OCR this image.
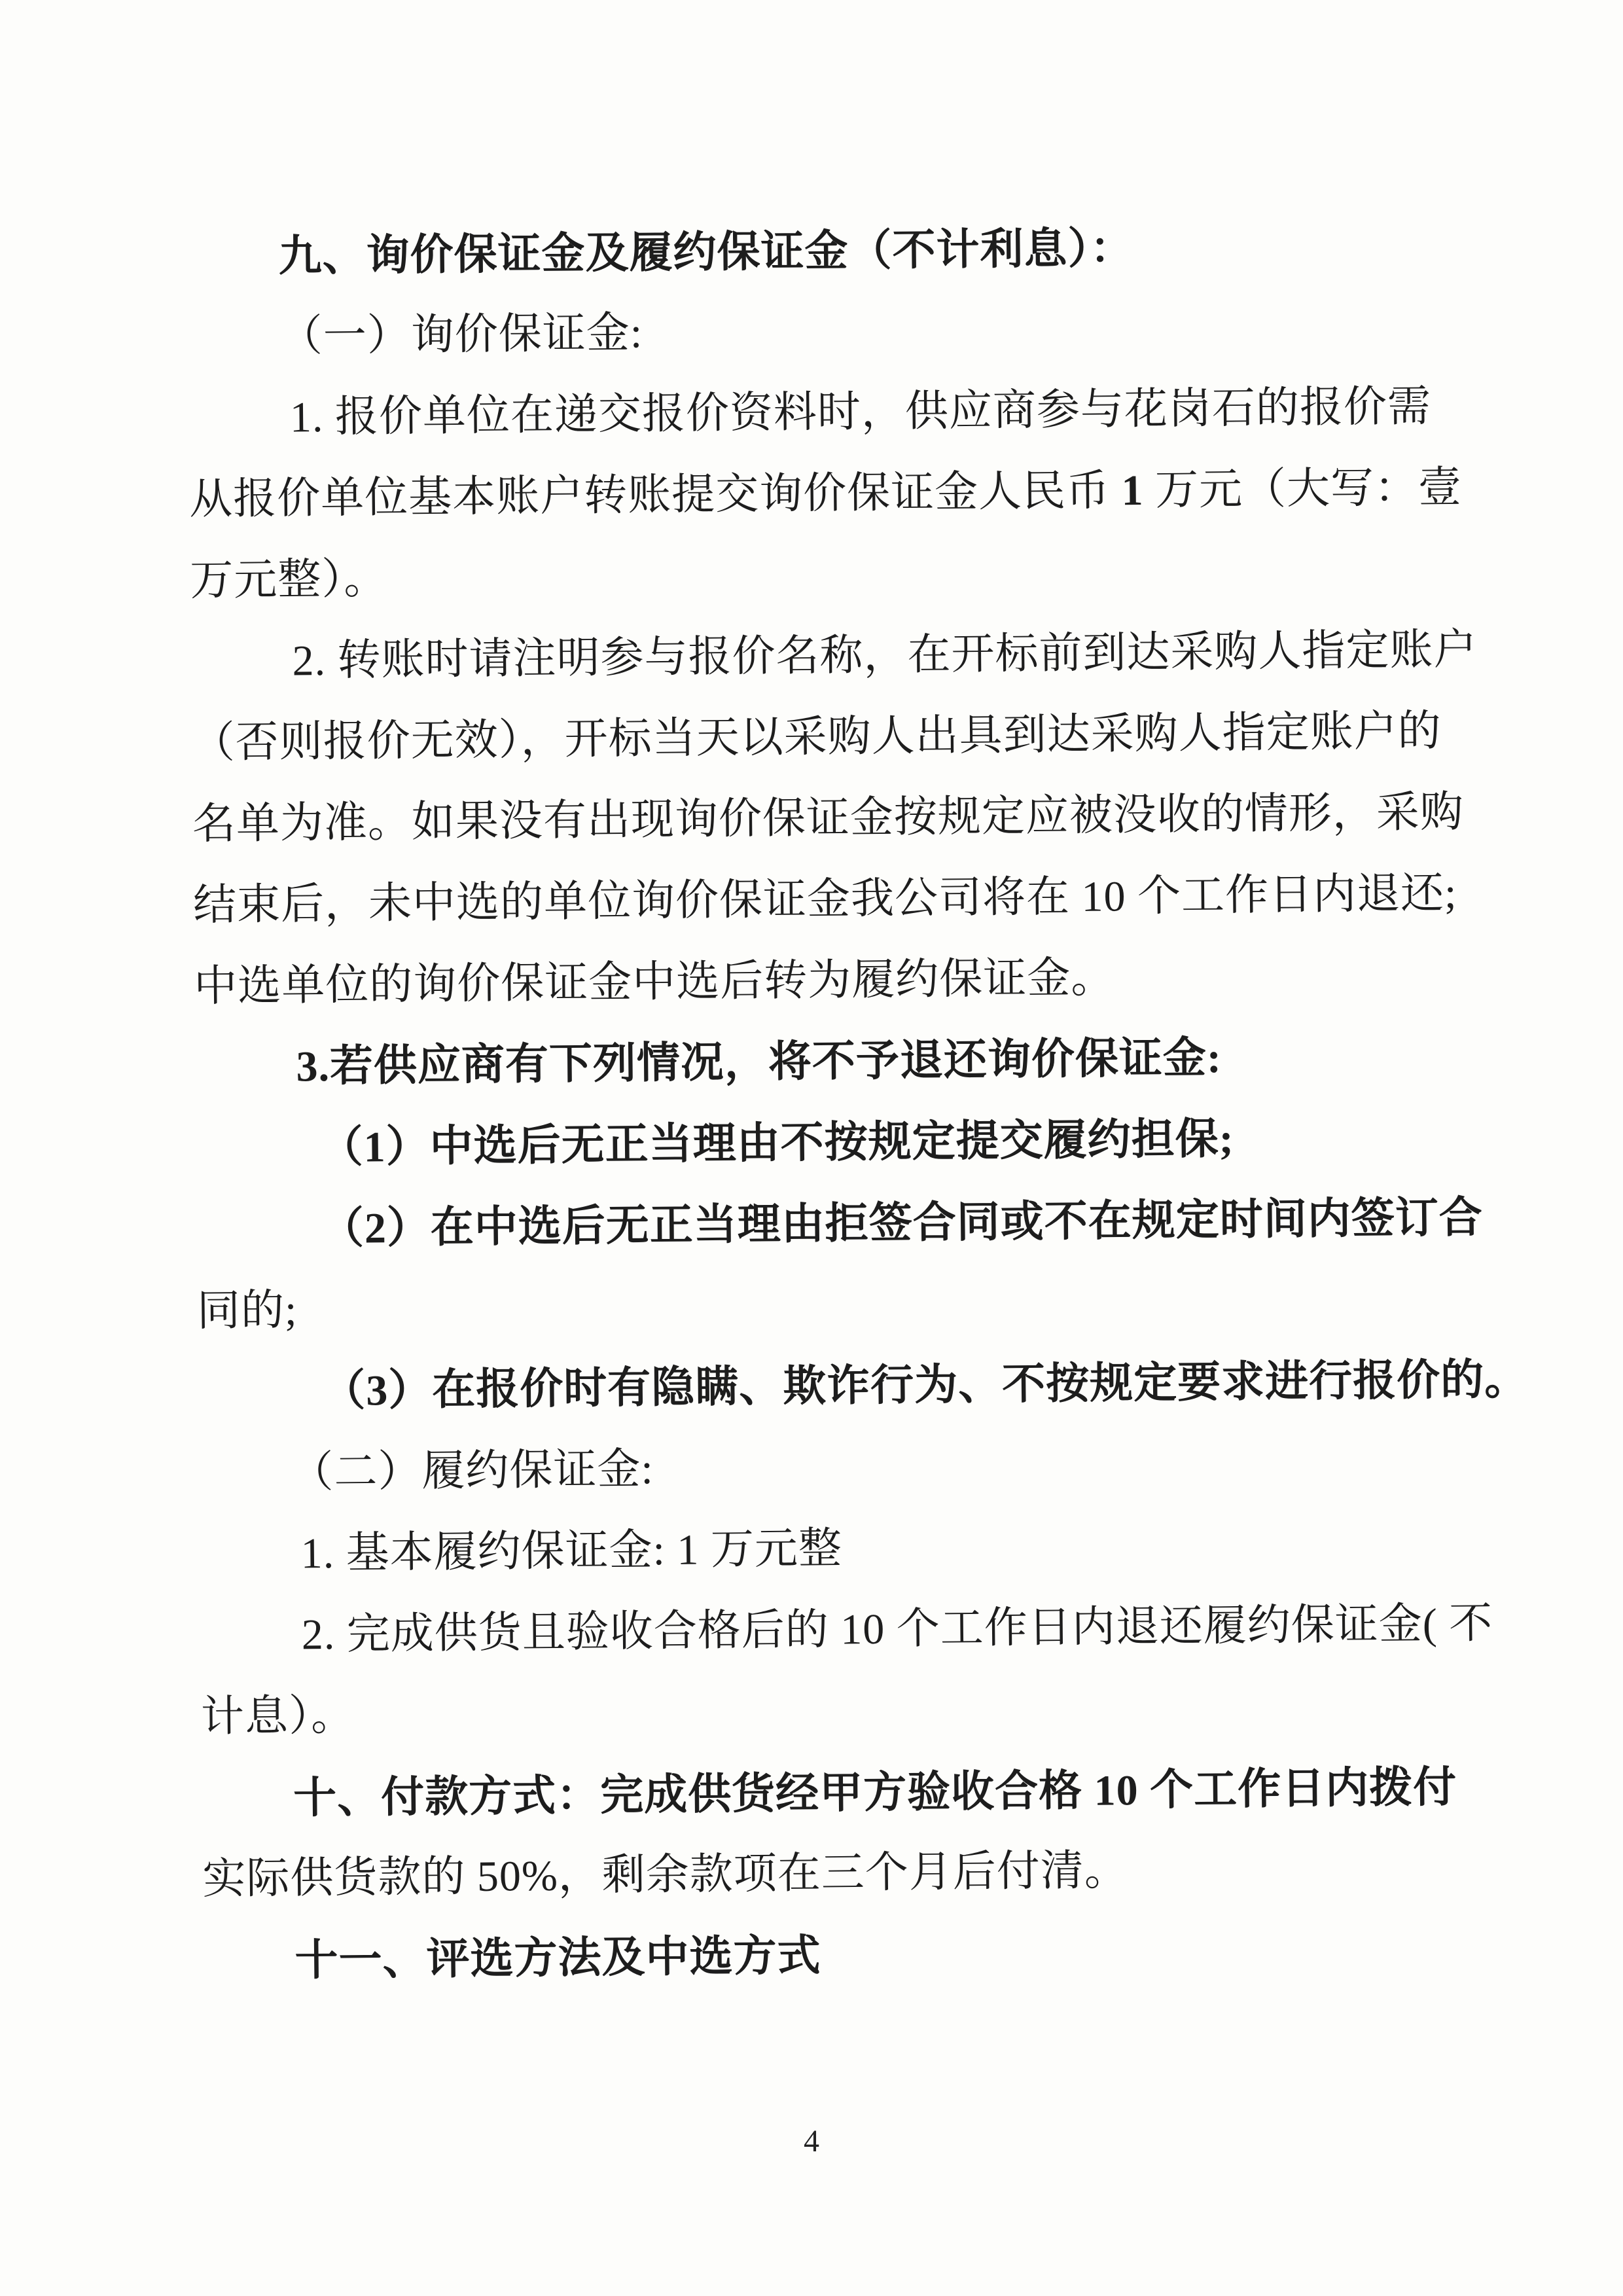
九、询价保证金及履约保证金（不计利息）：
（一）询价保证金:
1. 报价单位在递交报价资料时，供应商参与花岗石的报价需
从报价单位基本账户转账提交询价保证金人民币 1 万元（大写：壹
万元整）。
2. 转账时请注明参与报价名称，在开标前到达采购人指定账户
（否则报价无效），开标当天以采购人出具到达采购人指定账户的
名单为准。如果没有出现询价保证金按规定应被没收的情形，采购
结束后，未中选的单位询价保证金我公司将在 10 个工作日内退还;
中选单位的询价保证金中选后转为履约保证金。
3.若供应商有下列情况，将不予退还询价保证金:
（1）中选后无正当理由不按规定提交履约担保;
（2）在中选后无正当理由拒签合同或不在规定时间内签订合
同的;
（3）在报价时有隐瞒、欺诈行为、不按规定要求进行报价的。
（二）履约保证金:
1. 基本履约保证金: 1 万元整
2. 完成供货且验收合格后的 10 个工作日内退还履约保证金( 不
计息）。
十、付款方式：完成供货经甲方验收合格 10 个工作日内拨付
实际供货款的 50%，剩余款项在三个月后付清。
十一、评选方法及中选方式
4
